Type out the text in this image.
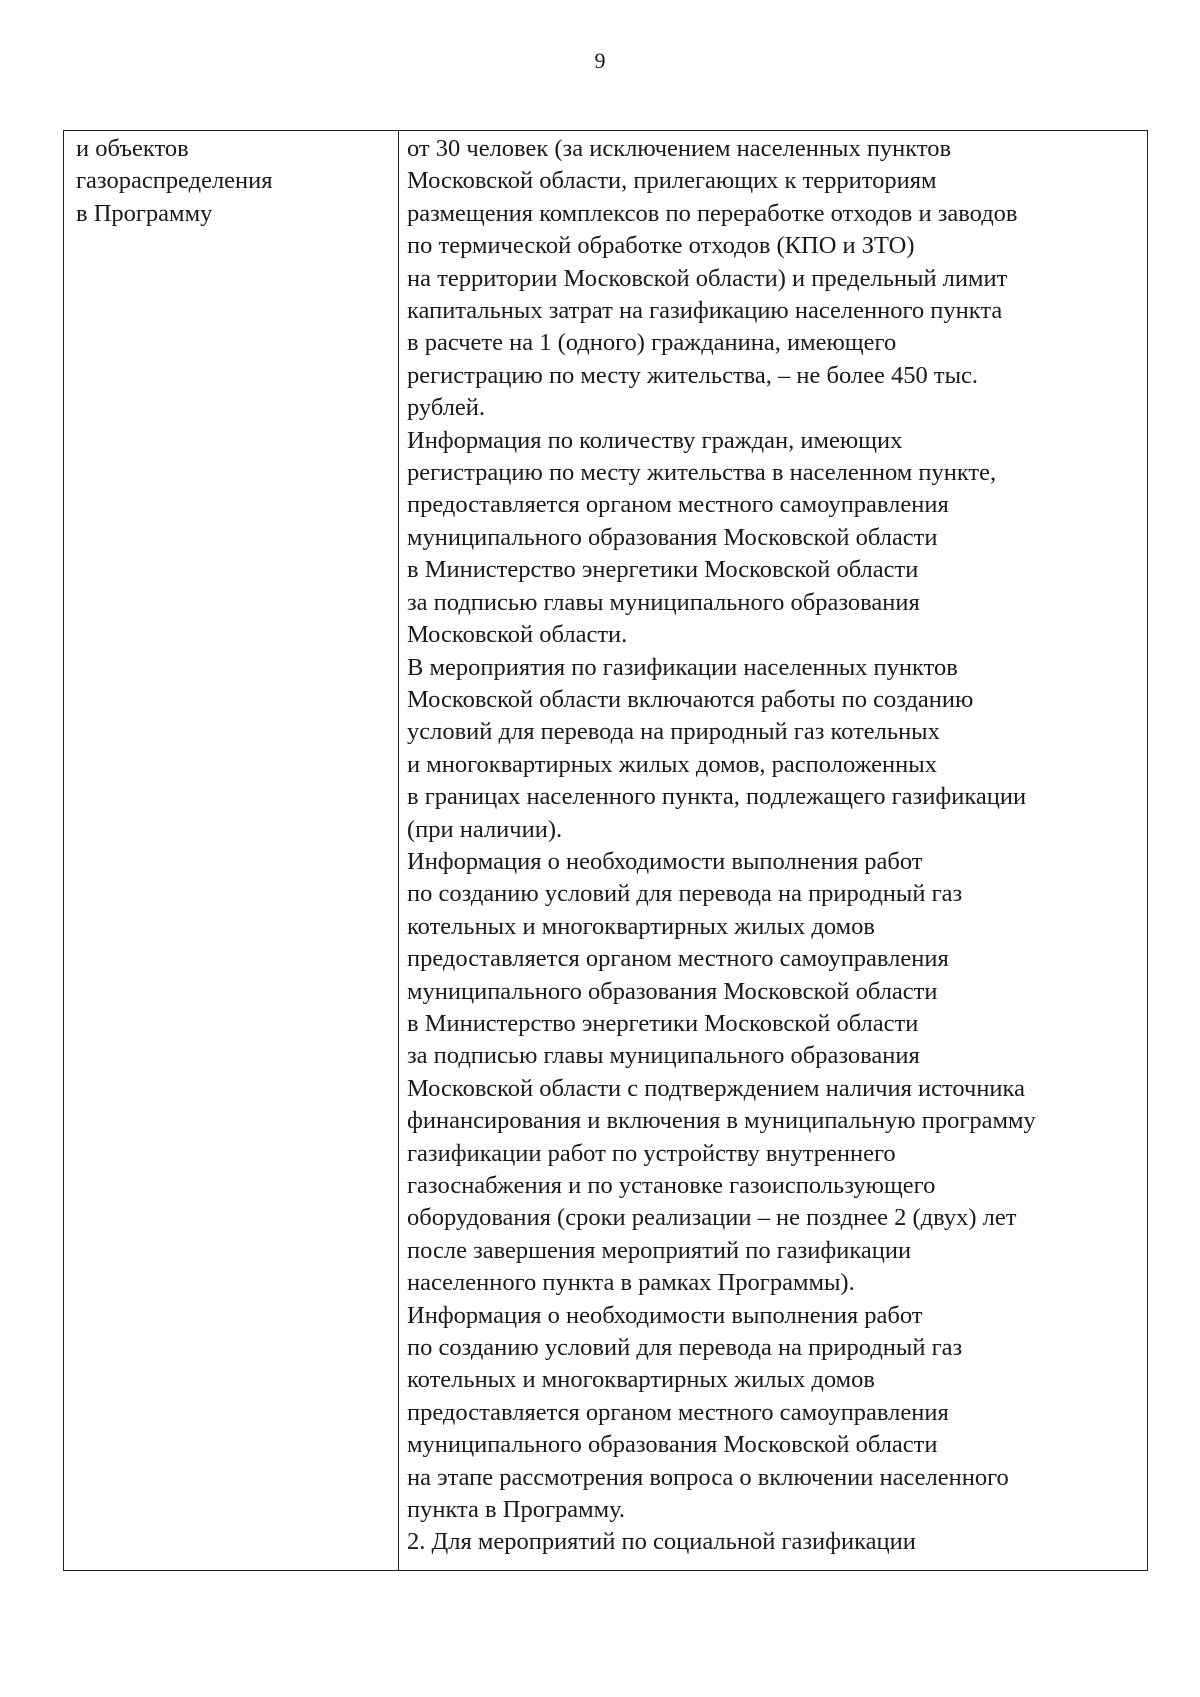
9
и объектов
газораспределения
в Программу
от 30 человек (за исключением населенных пунктов
Московской области, прилегающих к территориям
размещения комплексов по переработке отходов и заводов
по термической обработке отходов (КПО и ЗТО)
на территории Московской области) и предельный лимит
капитальных затрат на газификацию населенного пункта
в расчете на 1 (одного) гражданина, имеющего
регистрацию по месту жительства, – не более 450 тыс.
рублей.
Информация по количеству граждан, имеющих
регистрацию по месту жительства в населенном пункте,
предоставляется органом местного самоуправления
муниципального образования Московской области
в Министерство энергетики Московской области
за подписью главы муниципального образования
Московской области.
В мероприятия по газификации населенных пунктов
Московской области включаются работы по созданию
условий для перевода на природный газ котельных
и многоквартирных жилых домов, расположенных
в границах населенного пункта, подлежащего газификации
(при наличии).
Информация о необходимости выполнения работ
по созданию условий для перевода на природный газ
котельных и многоквартирных жилых домов
предоставляется органом местного самоуправления
муниципального образования Московской области
в Министерство энергетики Московской области
за подписью главы муниципального образования
Московской области с подтверждением наличия источника
финансирования и включения в муниципальную программу
газификации работ по устройству внутреннего
газоснабжения и по установке газоиспользующего
оборудования (сроки реализации – не позднее 2 (двух) лет
после завершения мероприятий по газификации
населенного пункта в рамках Программы).
Информация о необходимости выполнения работ
по созданию условий для перевода на природный газ
котельных и многоквартирных жилых домов
предоставляется органом местного самоуправления
муниципального образования Московской области
на этапе рассмотрения вопроса о включении населенного
пункта в Программу.
2. Для мероприятий по социальной газификации
